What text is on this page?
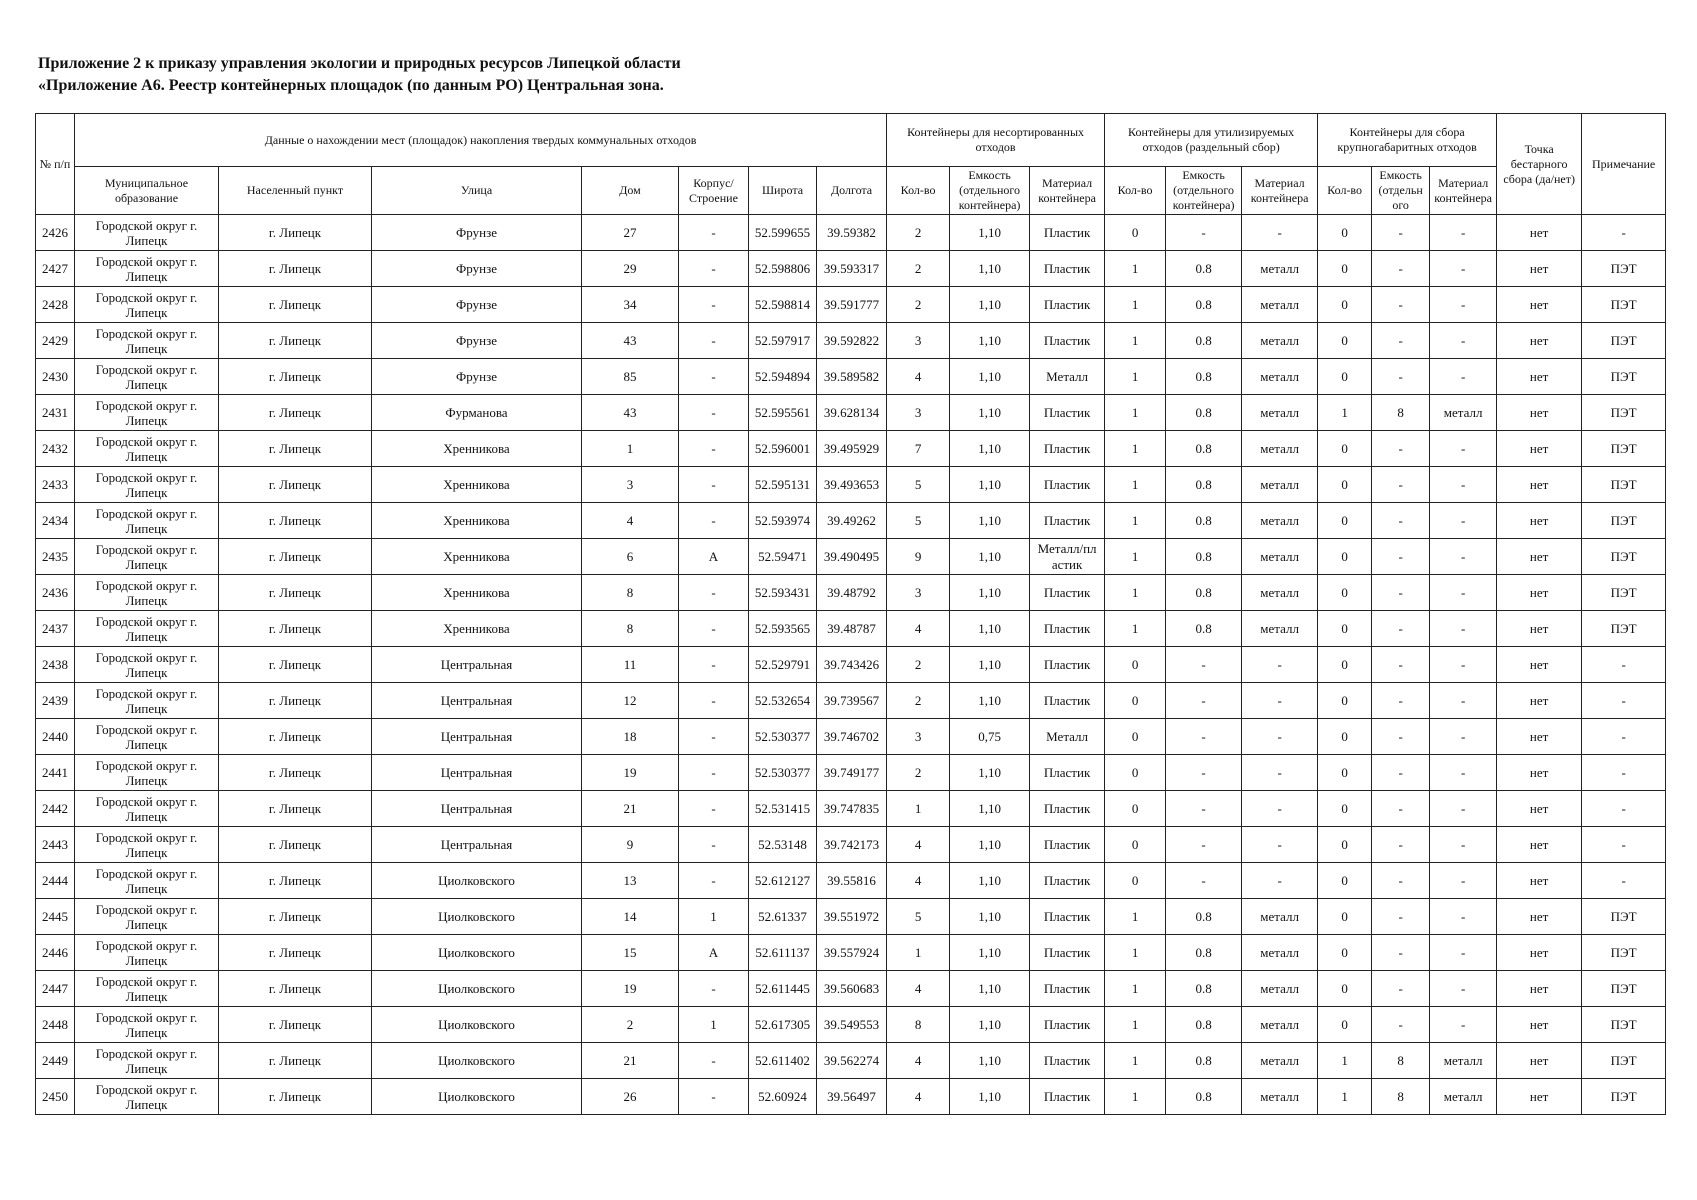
Приложение 2 к приказу управления экологии и природных ресурсов Липецкой области
«Приложение А6. Реестр контейнерных площадок (по данным РО) Центральная зона.
№ п/п	Данные о нахождении мест (площадок) накопления твердых коммунальных отходов							Контейнеры для несортированных отходов			Контейнеры для утилизируемых отходов (раздельный сбор)			Контейнеры для сбора крупногабаритных отходов			Точка бестарного сбора (да/нет)	Примечание
	Муниципальное образование	Населенный пункт	Улица	Дом	Корпус/ Строение	Широта	Долгота	Кол-во	Емкость (отдельного контейнера)	Материал контейнера	Кол-во	Емкость (отдельного контейнера)	Материал контейнера	Кол-во	Емкость (отдельн ого	Материал контейнера		
2426	Городской округ г. Липецк	г. Липецк	Фрунзе	27	-	52.599655	39.59382	2	1,10	Пластик	0	-	-	0	-	-	нет	-
2427	Городской округ г. Липецк	г. Липецк	Фрунзе	29	-	52.598806	39.593317	2	1,10	Пластик	1	0.8	металл	0	-	-	нет	ПЭТ
2428	Городской округ г. Липецк	г. Липецк	Фрунзе	34	-	52.598814	39.591777	2	1,10	Пластик	1	0.8	металл	0	-	-	нет	ПЭТ
2429	Городской округ г. Липецк	г. Липецк	Фрунзе	43	-	52.597917	39.592822	3	1,10	Пластик	1	0.8	металл	0	-	-	нет	ПЭТ
2430	Городской округ г. Липецк	г. Липецк	Фрунзе	85	-	52.594894	39.589582	4	1,10	Металл	1	0.8	металл	0	-	-	нет	ПЭТ
2431	Городской округ г. Липецк	г. Липецк	Фурманова	43	-	52.595561	39.628134	3	1,10	Пластик	1	0.8	металл	1	8	металл	нет	ПЭТ
2432	Городской округ г. Липецк	г. Липецк	Хренникова	1	-	52.596001	39.495929	7	1,10	Пластик	1	0.8	металл	0	-	-	нет	ПЭТ
2433	Городской округ г. Липецк	г. Липецк	Хренникова	3	-	52.595131	39.493653	5	1,10	Пластик	1	0.8	металл	0	-	-	нет	ПЭТ
2434	Городской округ г. Липецк	г. Липецк	Хренникова	4	-	52.593974	39.49262	5	1,10	Пластик	1	0.8	металл	0	-	-	нет	ПЭТ
2435	Городской округ г. Липецк	г. Липецк	Хренникова	6	А	52.59471	39.490495	9	1,10	Металл/пл астик	1	0.8	металл	0	-	-	нет	ПЭТ
2436	Городской округ г. Липецк	г. Липецк	Хренникова	8	-	52.593431	39.48792	3	1,10	Пластик	1	0.8	металл	0	-	-	нет	ПЭТ
2437	Городской округ г. Липецк	г. Липецк	Хренникова	8	-	52.593565	39.48787	4	1,10	Пластик	1	0.8	металл	0	-	-	нет	ПЭТ
2438	Городской округ г. Липецк	г. Липецк	Центральная	11	-	52.529791	39.743426	2	1,10	Пластик	0	-	-	0	-	-	нет	-
2439	Городской округ г. Липецк	г. Липецк	Центральная	12	-	52.532654	39.739567	2	1,10	Пластик	0	-	-	0	-	-	нет	-
2440	Городской округ г. Липецк	г. Липецк	Центральная	18	-	52.530377	39.746702	3	0,75	Металл	0	-	-	0	-	-	нет	-
2441	Городской округ г. Липецк	г. Липецк	Центральная	19	-	52.530377	39.749177	2	1,10	Пластик	0	-	-	0	-	-	нет	-
2442	Городской округ г. Липецк	г. Липецк	Центральная	21	-	52.531415	39.747835	1	1,10	Пластик	0	-	-	0	-	-	нет	-
2443	Городской округ г. Липецк	г. Липецк	Центральная	9	-	52.53148	39.742173	4	1,10	Пластик	0	-	-	0	-	-	нет	-
2444	Городской округ г. Липецк	г. Липецк	Циолковского	13	-	52.612127	39.55816	4	1,10	Пластик	0	-	-	0	-	-	нет	-
2445	Городской округ г. Липецк	г. Липецк	Циолковского	14	1	52.61337	39.551972	5	1,10	Пластик	1	0.8	металл	0	-	-	нет	ПЭТ
2446	Городской округ г. Липецк	г. Липецк	Циолковского	15	А	52.611137	39.557924	1	1,10	Пластик	1	0.8	металл	0	-	-	нет	ПЭТ
2447	Городской округ г. Липецк	г. Липецк	Циолковского	19	-	52.611445	39.560683	4	1,10	Пластик	1	0.8	металл	0	-	-	нет	ПЭТ
2448	Городской округ г. Липецк	г. Липецк	Циолковского	2	1	52.617305	39.549553	8	1,10	Пластик	1	0.8	металл	0	-	-	нет	ПЭТ
2449	Городской округ г. Липецк	г. Липецк	Циолковского	21	-	52.611402	39.562274	4	1,10	Пластик	1	0.8	металл	1	8	металл	нет	ПЭТ
2450	Городской округ г. Липецк	г. Липецк	Циолковского	26	-	52.60924	39.56497	4	1,10	Пластик	1	0.8	металл	1	8	металл	нет	ПЭТ
